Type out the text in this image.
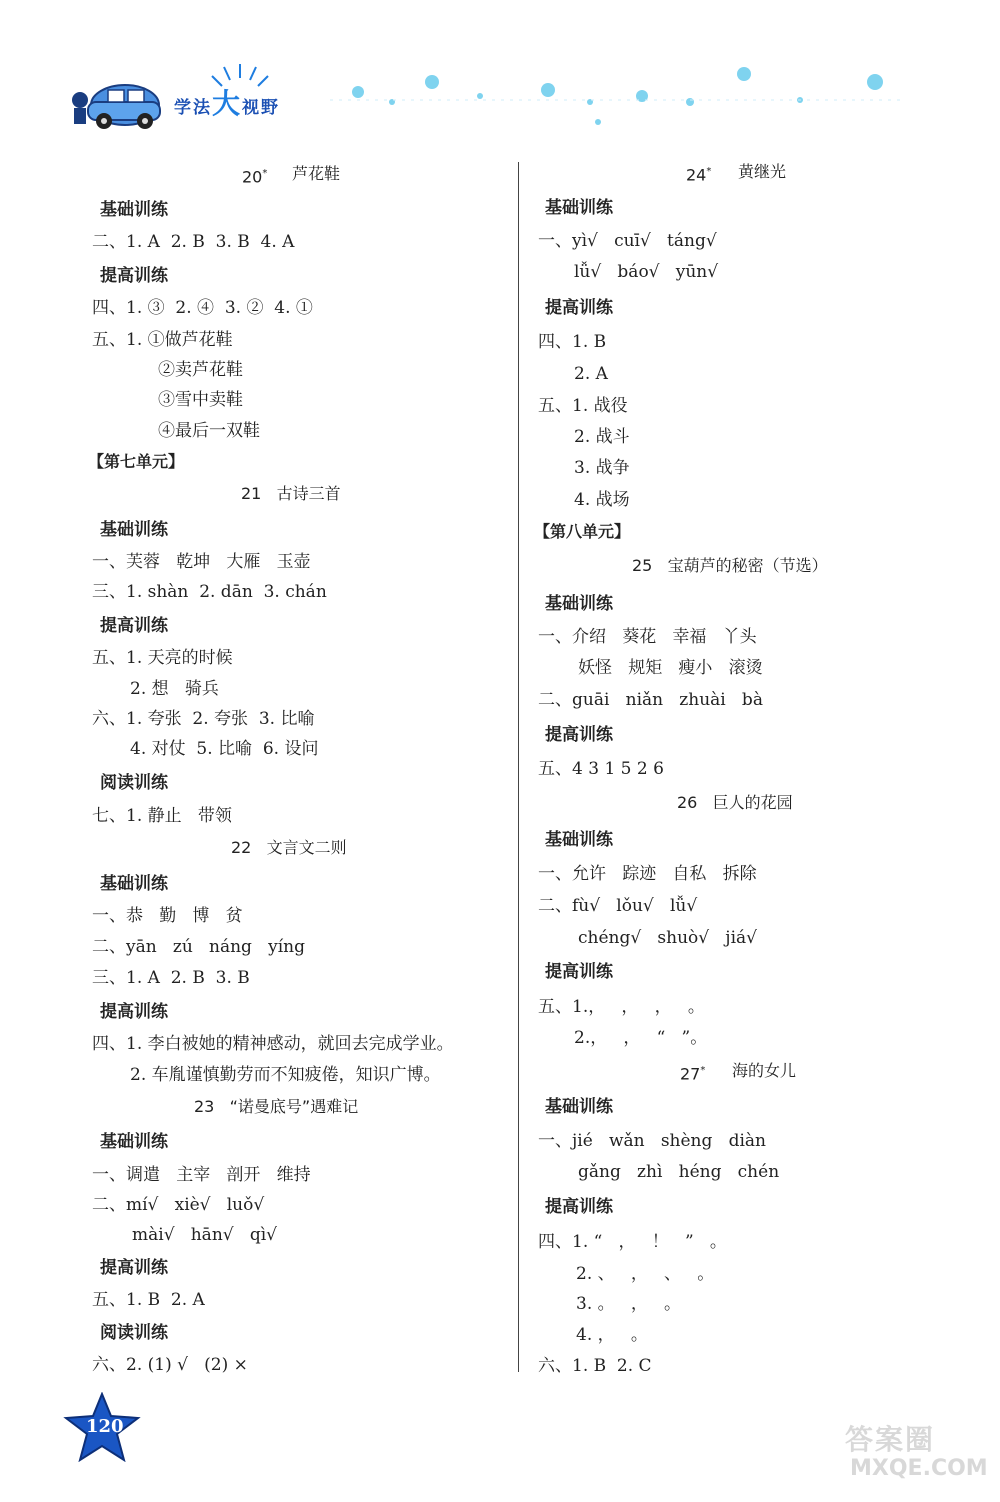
学法大视野
20* 芦花鞋
基础训练
二、1. A  2. B  3. B  4. A
提高训练
四、1. ③  2. ④  3. ②  4. ①
五、1. ①做芦花鞋
②卖芦花鞋
③雪中卖鞋
④最后一双鞋
【第七单元】
21   古诗三首
基础训练
一、芙蓉   乾坤   大雁   玉壶
三、1. shàn  2. dān  3. chán
提高训练
五、1. 天亮的时候
2. 想   骑兵
六、1. 夸张  2. 夸张  3. 比喻
4. 对仗  5. 比喻  6. 设问
阅读训练
七、1. 静止   带领
22   文言文二则
基础训练
一、恭   勤   博   贫
二、yān   zú   náng   yíng
三、1. A  2. B  3. B
提高训练
四、1. 李白被她的精神感动，就回去完成学业。
2. 车胤谨慎勤劳而不知疲倦，知识广博。
23   “诺曼底号”遇难记
基础训练
一、调遣   主宰   剖开   维持
二、mí√   xiè√   luǒ√
mài√   hān√   qì√
提高训练
五、1. B  2. A
阅读训练
六、2. (1) √   (2) ×
24* 黄继光
基础训练
一、yì√   cuī√   táng√
lǚ√   báo√   yūn√
提高训练
四、1. B
2. A
五、1. 战役
2. 战斗
3. 战争
4. 战场
【第八单元】
25   宝葫芦的秘密（节选）
基础训练
一、介绍   葵花   幸福   丫头
妖怪   规矩   瘦小   滚烫
二、guāi   niǎn   zhuài   bà
提高训练
五、4 3 1 5 2 6
26   巨人的花园
基础训练
一、允许   踪迹   自私   拆除
二、fù√   lǒu√   lǚ√
chéng√   shuò√   jiá√
提高训练
五、1.，   ，   ，   。
2.，   ，   “   ”。
27* 海的女儿
基础训练
一、jié   wǎn   shèng   diàn
gǎng   zhì   héng   chén
提高训练
四、1. “   ，   ！   ”   。
2. 、   ，   、   。
3. 。   ，   。
4. ，   。
六、1. B  2. C
120	答案圈
MXQE.COM
